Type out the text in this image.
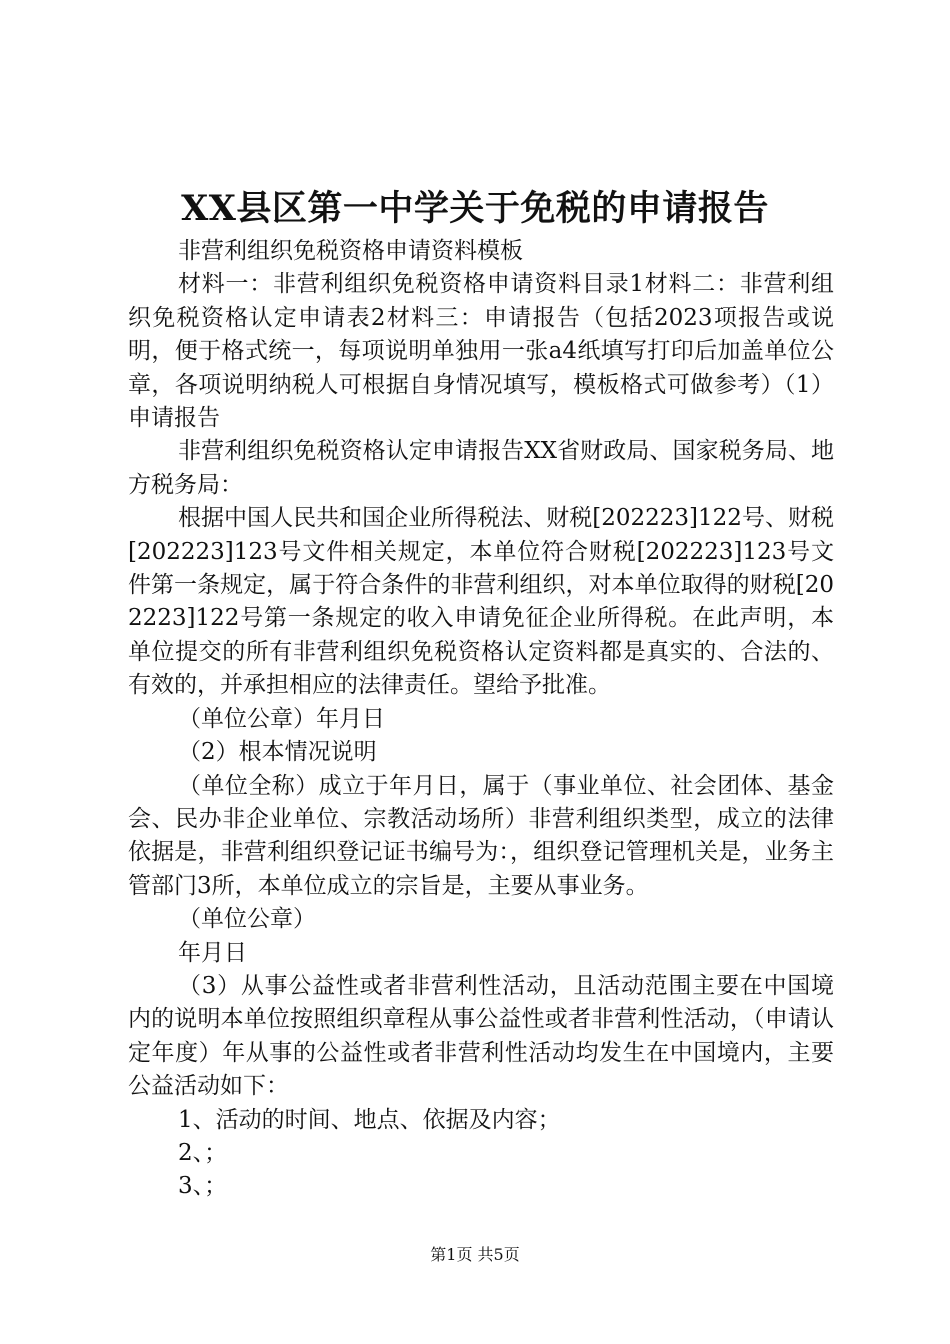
XX县区第一中学关于免税的申请报告

非营利组织免税资格申请资料模板

材料一：非营利组织免税资格申请资料目录1材料二：非营利组织免税资格认定申请表2材料三：申请报告（包括2023项报告或说明，便于格式统一，每项说明单独用一张a4纸填写打印后加盖单位公章，各项说明纳税人可根据自身情况填写，模板格式可做参考）（1）申请报告

非营利组织免税资格认定申请报告XX省财政局、国家税务局、地方税务局：

根据中国人民共和国企业所得税法、财税[202223]122号、财税[202223]123号文件相关规定，本单位符合财税[202223]123号文件第一条规定，属于符合条件的非营利组织，对本单位取得的财税[202223]122号第一条规定的收入申请免征企业所得税。在此声明，本单位提交的所有非营利组织免税资格认定资料都是真实的、合法的、有效的，并承担相应的法律责任。望给予批准。

（单位公章）年月日

（2）根本情况说明

（单位全称）成立于年月日，属于（事业单位、社会团体、基金会、民办非企业单位、宗教活动场所）非营利组织类型，成立的法律依据是，非营利组织登记证书编号为：，组织登记管理机关是，业务主管部门3所，本单位成立的宗旨是，主要从事业务。

（单位公章）

年月日

（3）从事公益性或者非营利性活动，且活动范围主要在中国境内的说明本单位按照组织章程从事公益性或者非营利性活动，（申请认定年度）年从事的公益性或者非营利性活动均发生在中国境内，主要公益活动如下：

1、活动的时间、地点、依据及内容；

2、；

3、；

第1页 共5页
